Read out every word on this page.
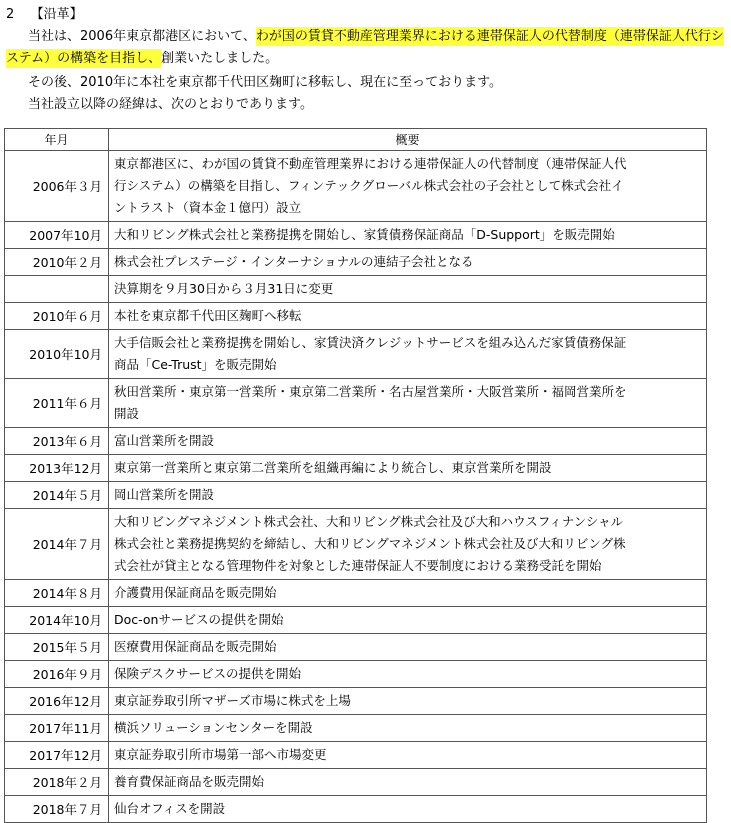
2 【沿革】
当社は、2006年東京都港区において、わが国の賃貸不動産管理業界における連帯保証人の代替制度（連帯保証人代行システム）の構築を目指し、創業いたしました。
その後、2010年に本社を東京都千代田区麹町に移転し、現在に至っております。
当社設立以降の経緯は、次のとおりであります。
年月	概要
2006年３月	東京都港区に、わが国の賃貸不動産管理業界における連帯保証人の代替制度（連帯保証人代
行システム）の構築を目指し、フィンテックグローバル株式会社の子会社として株式会社イ
ントラスト（資本金１億円）設立

2007年10月	大和リビング株式会社と業務提携を開始し、家賃債務保証商品「D-Support」を販売開始

2010年２月	株式会社プレステージ・インターナショナルの連結子会社となる

	決算期を９月30日から３月31日に変更

2010年６月	本社を東京都千代田区麹町へ移転

2010年10月	大手信販会社と業務提携を開始し、家賃決済クレジットサービスを組み込んだ家賃債務保証
商品「Ce-Trust」を販売開始

2011年６月	秋田営業所・東京第一営業所・東京第二営業所・名古屋営業所・大阪営業所・福岡営業所を
開設

2013年６月	富山営業所を開設

2013年12月	東京第一営業所と東京第二営業所を組織再編により統合し、東京営業所を開設

2014年５月	岡山営業所を開設

2014年７月	大和リビングマネジメント株式会社、大和リビング株式会社及び大和ハウスフィナンシャル
株式会社と業務提携契約を締結し、大和リビングマネジメント株式会社及び大和リビング株
式会社が貸主となる管理物件を対象とした連帯保証人不要制度における業務受託を開始

2014年８月	介護費用保証商品を販売開始

2014年10月	Doc-onサービスの提供を開始

2015年５月	医療費用保証商品を販売開始

2016年９月	保険デスクサービスの提供を開始

2016年12月	東京証券取引所マザーズ市場に株式を上場

2017年11月	横浜ソリューションセンターを開設

2017年12月	東京証券取引所市場第一部へ市場変更

2018年２月	養育費保証商品を販売開始

2018年７月	仙台オフィスを開設
